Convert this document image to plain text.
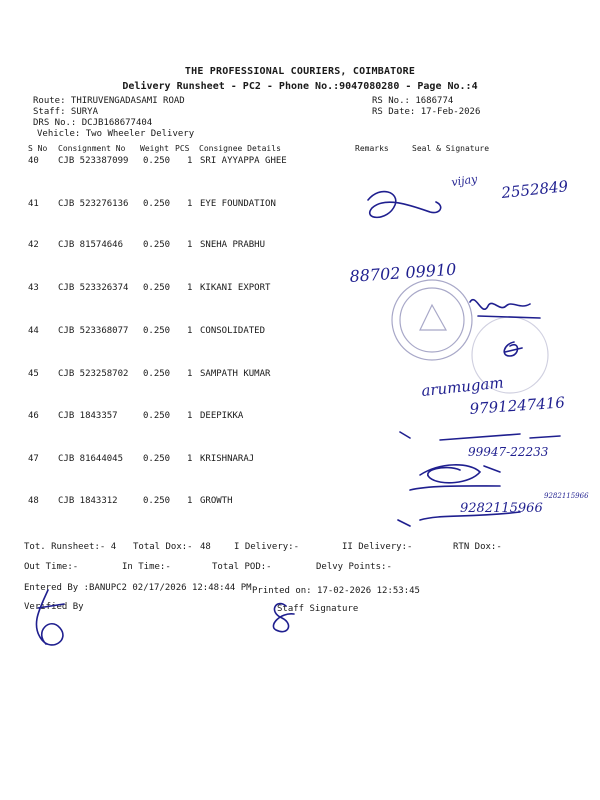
THE PROFESSIONAL COURIERS, COIMBATORE
Delivery Runsheet - PC2 - Phone No.:9047080280 - Page No.:4
Route: THIRUVENGADASAMI ROAD
Staff: SURYA
DRS No.: DCJB168677404
Vehicle: Two Wheeler Delivery
RS No.: 1686774
RS Date: 17-Feb-2026
S No Consignment No Weight PCS Consignee Details	Remarks	Seal & Signature
40 CJB 523387099 0.250 1 SRI AYYAPPA GHEE
41 CJB 523276136 0.250 1 EYE FOUNDATION
42 CJB 81574646 0.250 1 SNEHA PRABHU
43 CJB 523326374 0.250 1 KIKANI EXPORT
44 CJB 523368077 0.250 1 CONSOLIDATED
45 CJB 523258702 0.250 1 SAMPATH KUMAR
46 CJB 1843357	0.250 1 DEEPIKKA
47 CJB 81644045 0.250 1 KRISHNARAJ
48 CJB 1843312	0.250 1 GROWTH
Tot. Runsheet:- 4 Total Dox:- 48	I Delivery:-	II Delivery:-	RTN Dox:-
Out Time:-	In Time:-	Total POD:-	Delvy Points:-
Entered By :BANUPC2 02/17/2026 12:48:44 PM Printed on: 17-02-2026 12:53:45
Verified By	Staff Signature
vijay 2552849
88702 09910
arumugam
9791247416
99947-22233
9282115966
9282115966
